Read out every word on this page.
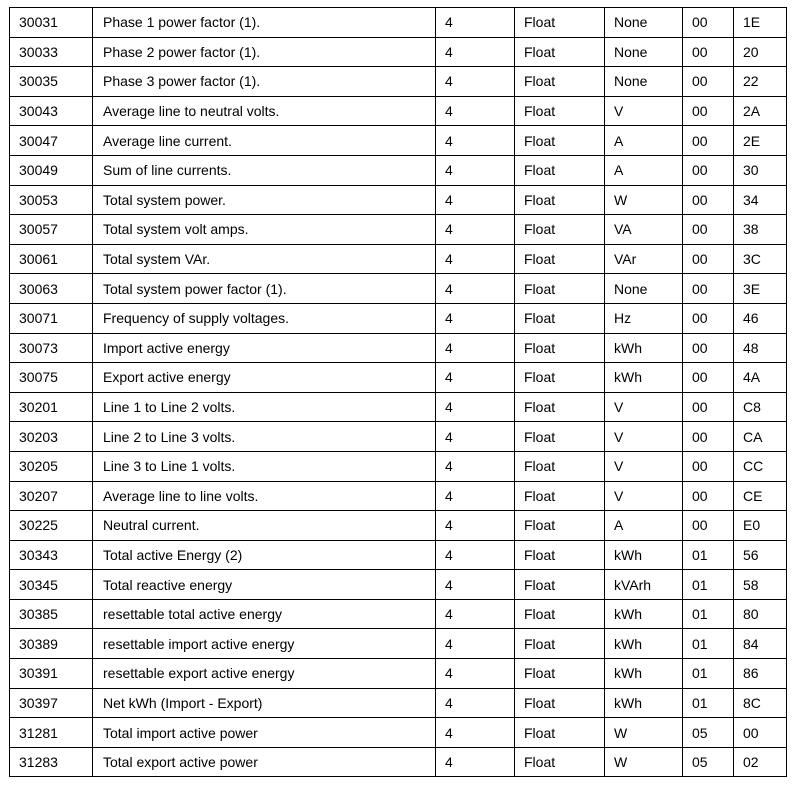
30031	Phase 1 power factor (1).	4	Float	None	00	1E
30033	Phase 2 power factor (1).	4	Float	None	00	20
30035	Phase 3 power factor (1).	4	Float	None	00	22
30043	Average line to neutral volts.	4	Float	V	00	2A
30047	Average line current.	4	Float	A	00	2E
30049	Sum of line currents.	4	Float	A	00	30
30053	Total system power.	4	Float	W	00	34
30057	Total system volt amps.	4	Float	VA	00	38
30061	Total system VAr.	4	Float	VAr	00	3C
30063	Total system power factor (1).	4	Float	None	00	3E
30071	Frequency of supply voltages.	4	Float	Hz	00	46
30073	Import active energy	4	Float	kWh	00	48
30075	Export active energy	4	Float	kWh	00	4A
30201	Line 1 to Line 2 volts.	4	Float	V	00	C8
30203	Line 2 to Line 3 volts.	4	Float	V	00	CA
30205	Line 3 to Line 1 volts.	4	Float	V	00	CC
30207	Average line to line volts.	4	Float	V	00	CE
30225	Neutral current.	4	Float	A	00	E0
30343	Total active Energy (2)	4	Float	kWh	01	56
30345	Total reactive energy	4	Float	kVArh	01	58
30385	resettable total active energy	4	Float	kWh	01	80
30389	resettable import active energy	4	Float	kWh	01	84
30391	resettable export active energy	4	Float	kWh	01	86
30397	Net kWh (Import - Export)	4	Float	kWh	01	8C
31281	Total import active power	4	Float	W	05	00
31283	Total export active power	4	Float	W	05	02
